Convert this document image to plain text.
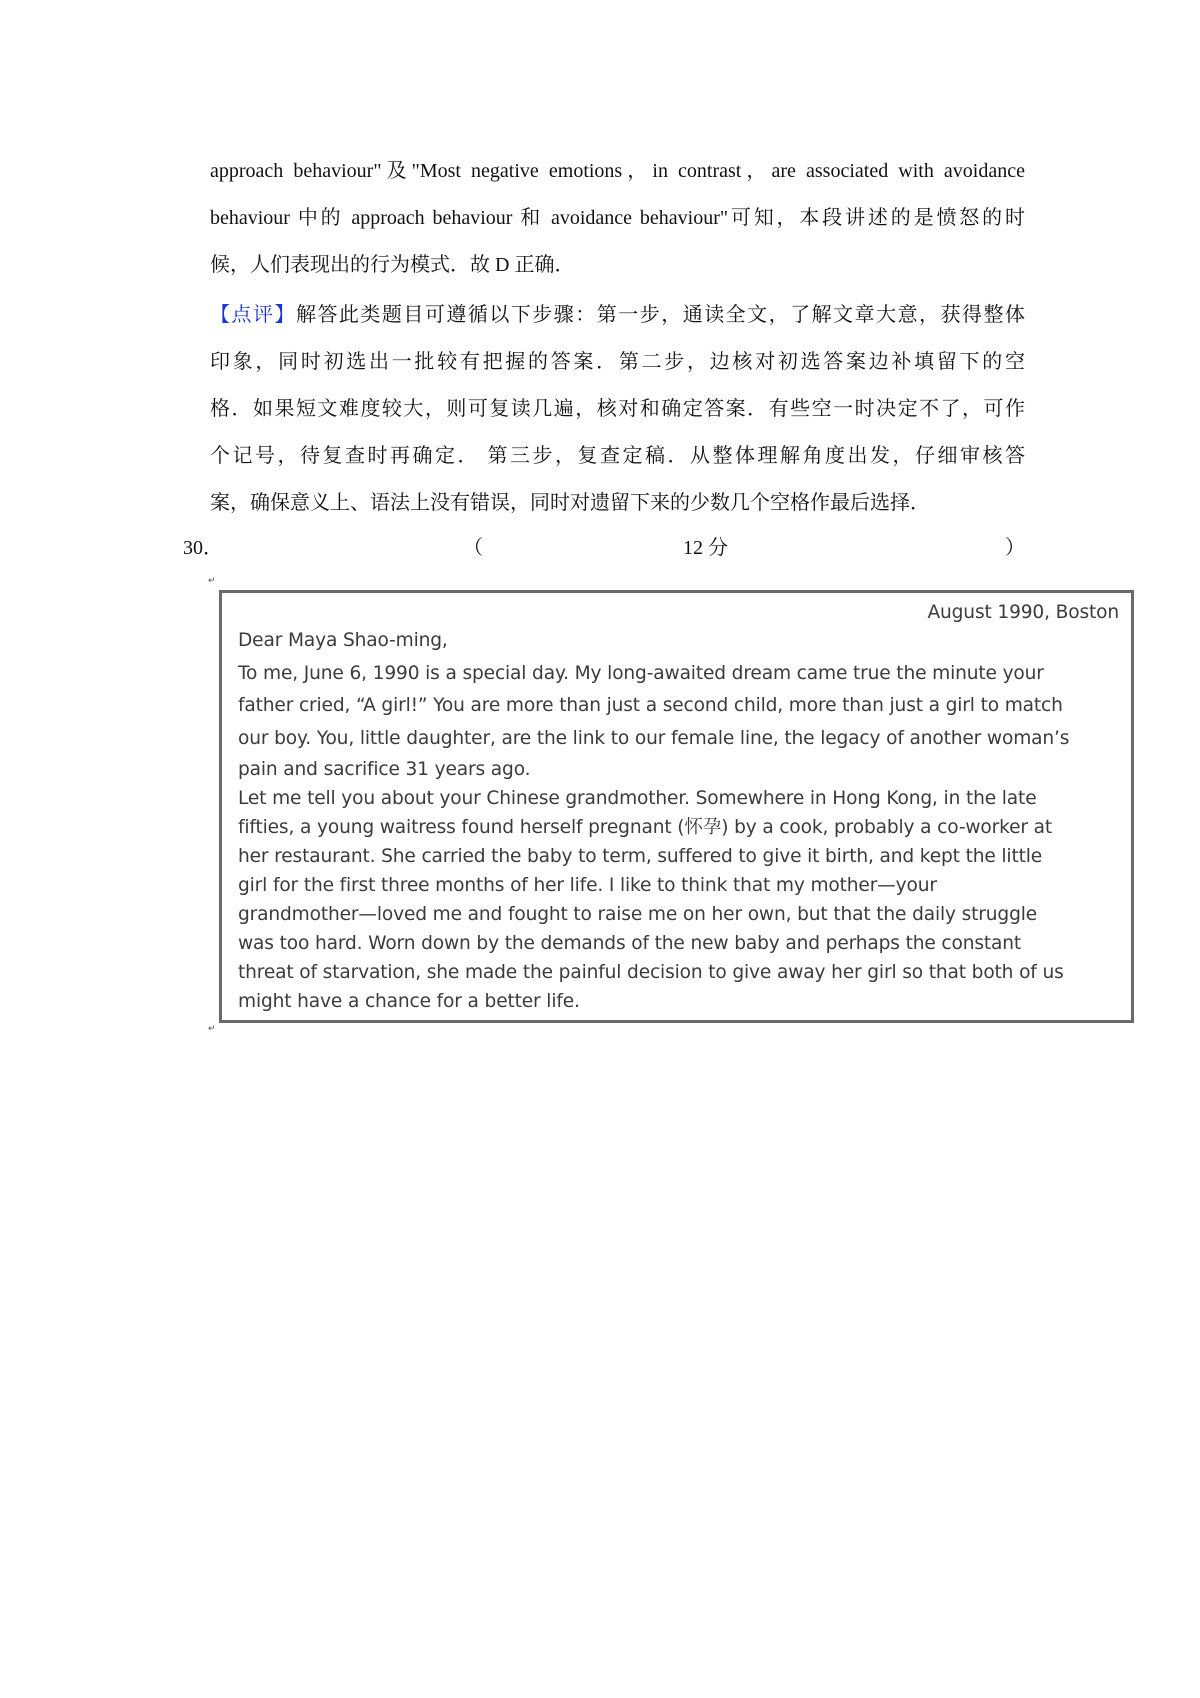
approach behaviour"及"Most negative emotions，in contrast，are associated with avoidance
behaviour 中的 approach behaviour 和 avoidance behaviour"可知，本段讲述的是愤怒的时
候，人们表现出的行为模式．故 D 正确．
【点评】解答此类题目可遵循以下步骤：第一步，通读全文，了解文章大意，获得整体
印象，同时初选出一批较有把握的答案．第二步，边核对初选答案边补填留下的空
格．如果短文难度较大，则可复读几遍，核对和确定答案．有些空一时决定不了，可作
个记号，待复查时再确定． 第三步，复查定稿．从整体理解角度出发，仔细审核答
案，确保意义上、语法上没有错误，同时对遗留下来的少数几个空格作最后选择．
30．	（	12 分	）
↵
August 1990, Boston
Dear Maya Shao-ming,
To me, June 6, 1990 is a special day. My long-awaited dream came true the minute your
father cried, “A girl!” You are more than just a second child, more than just a girl to match
our boy. You, little daughter, are the link to our female line, the legacy of another woman’s
pain and sacrifice 31 years ago.
Let me tell you about your Chinese grandmother. Somewhere in Hong Kong, in the late
fifties, a young waitress found herself pregnant (怀孕) by a cook, probably a co-worker at
her restaurant. She carried the baby to term, suffered to give it birth, and kept the little
girl for the first three months of her life. I like to think that my mother—your
grandmother—loved me and fought to raise me on her own, but that the daily struggle
was too hard. Worn down by the demands of the new baby and perhaps the constant
threat of starvation, she made the painful decision to give away her girl so that both of us
might have a chance for a better life.
↵
